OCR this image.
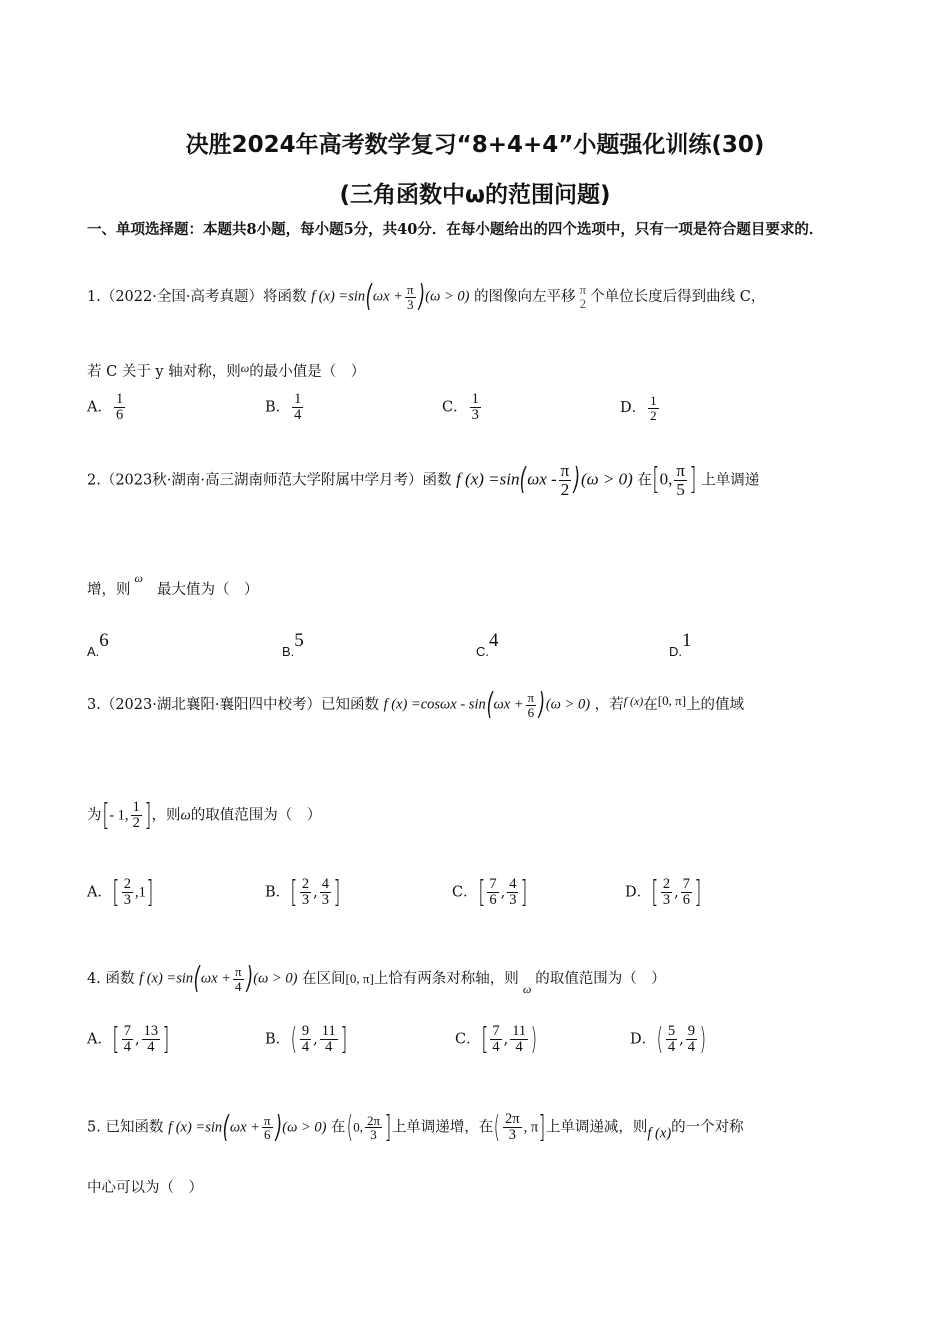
决胜2024年高考数学复习“8+4+4”小题强化训练(30)
(三角函数中ω的范围问题)
一、单项选择题：本题共8小题，每小题5分，共40分．在每小题给出的四个选项中，只有一项是符合题目要求的．
1.（2022·全国·高考真题）将函数 f $(x) =\sin(\omega x + \frac{\pi}{3} )(\omega > 0)$ 的图像向左平移 π
2 个单位长度后得到曲线 C，
若 C 关于 y 轴对称，则$^\omega$的最小值是（　）
A． $\frac{1}{6}$	B． $\frac{1}{4}$	C． $\frac{1}{3}$	D． $\frac{1}{2}$
2.（2023秋·湖南·高三湖南师范大学附属中学月考）函数 f $(x) =\sin(\omega x - \frac{\pi}{2} )(\omega > 0)$ 在[0, $\frac{\pi}{5}$ ] 上单调递
增，则$^\omega$最大值为（　）
A.6
B.5
C.4
D.1
3.（2023·湖北襄阳·襄阳四中校考）已知函数 f $(x) =\cos\omega x - \sin(\omega x + \frac{\pi}{6} )(\omega > 0)$ ，若$^{f (x)}$在[0, π]上的值域
为[- 1, $\frac{1}{2}$ ]，则ω的取值范围为（　）
A．[ $\frac{2}{3} ,1$]	B．[ $\frac{2}{3}$ , $\frac{4}{3}$ ]	C．[ $\frac{7}{6}$ , $\frac{4}{3}$ ]	D．[ $\frac{2}{3}$ , $\frac{7}{6}$ ]
4. 函数 f $(x) =\sin(\omega x + \frac{\pi}{4} )(\omega > 0)$ 在区间[0, π]上恰有两条对称轴，则$_\omega$的取值范围为（　）
A．[ $\frac{7}{4}$ , $\frac{13}{4}$ ]	B．( $\frac{9}{4}$ , $\frac{11}{4}$ ]	C．[ $\frac{7}{4}$ , $\frac{11}{4}$ )	D．( $\frac{5}{4}$ , $\frac{9}{4}$ )
5. 已知函数 f $(x) =\sin(\omega x + \frac{\pi}{6} )(\omega > 0)$ 在(0, $\frac{2\pi}{3}$ ]上单调递增，在( $\frac{2\pi}{3}$ , π]上单调递减，则f (x)的一个对称
中心可以为（　）
